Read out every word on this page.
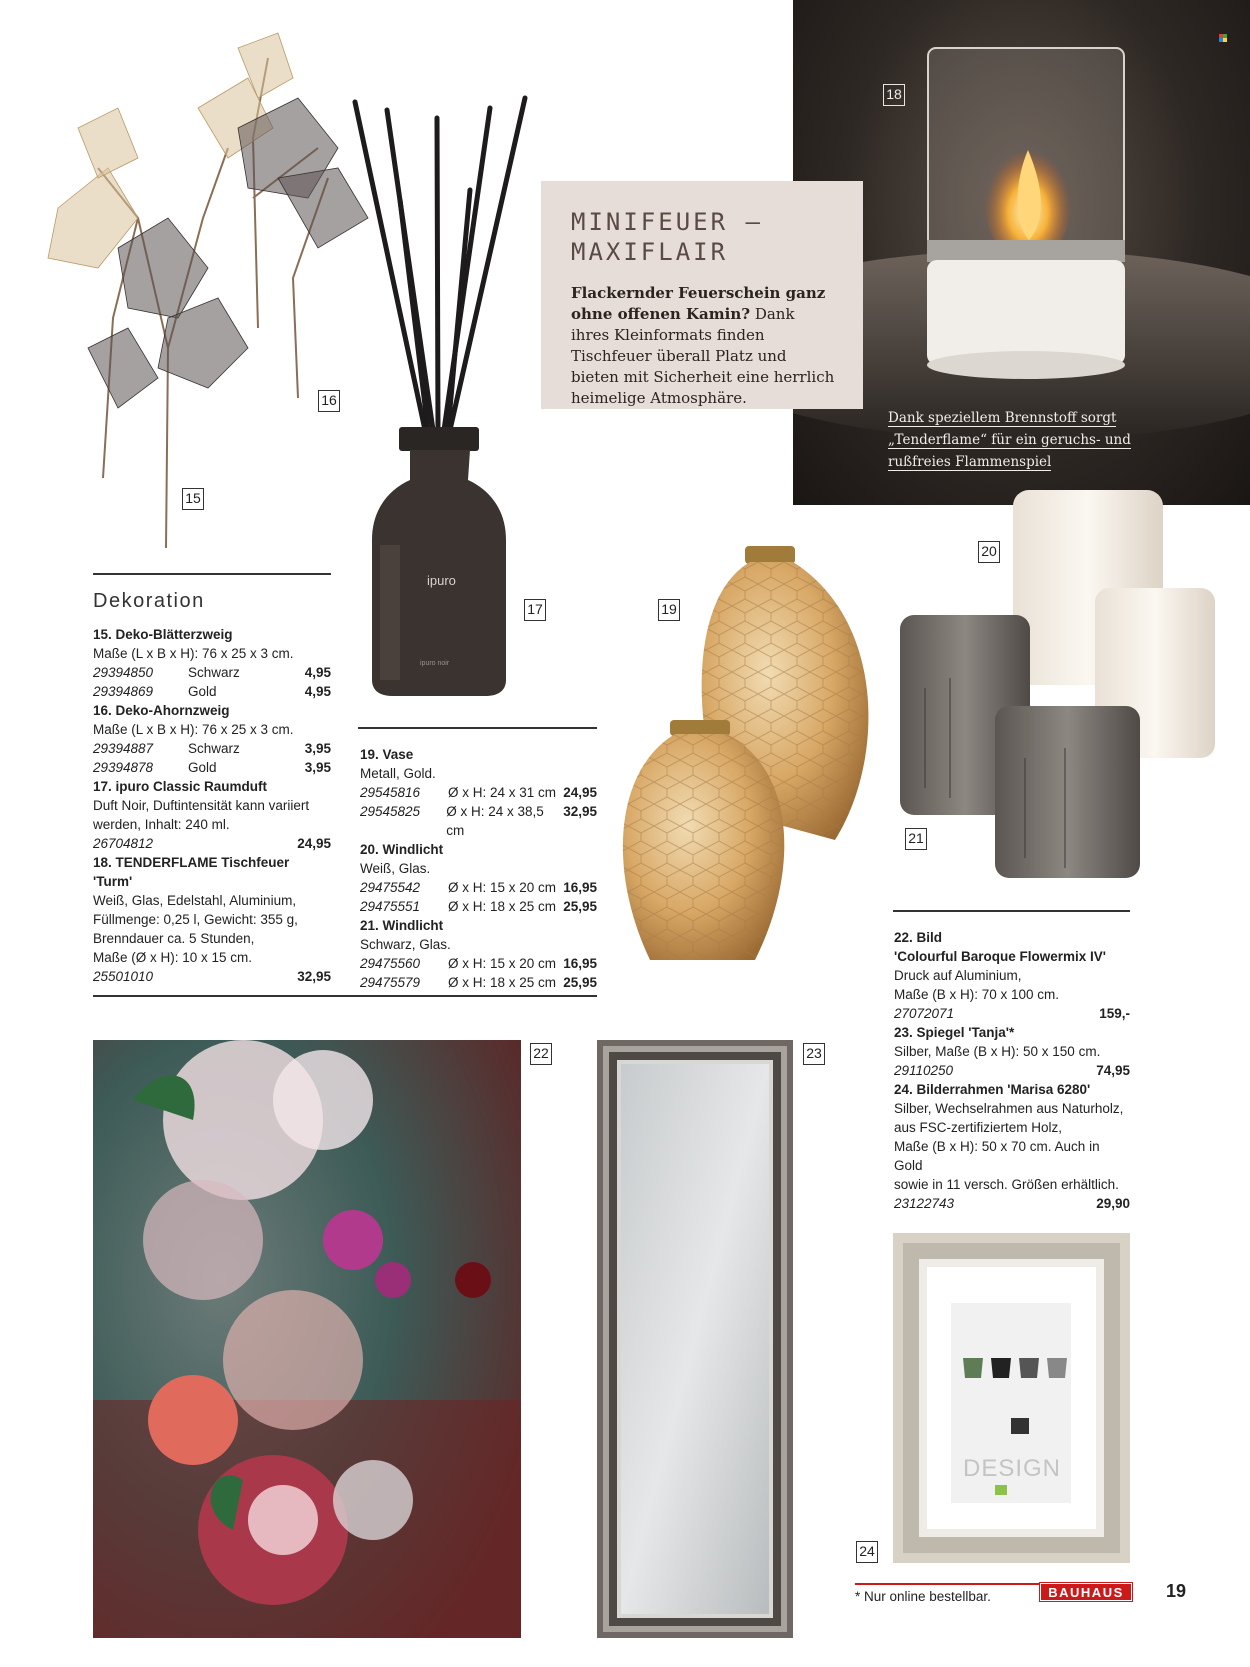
18
Dank speziellem Brennstoff sorgt
„Tenderflame“ für ein geruchs- und
rußfreies Flammenspiel
MINIFEUER –
MAXIFLAIR
Flackernder Feuerschein ganz ohne offenen Kamin? Dank ihres Kleinformats finden Tischfeuer überall Platz und bieten mit Sicherheit eine herrlich heimelige Atmosphäre.
16
15
ipuro
ipuro noir
17	19
20
21
Dekoration
15. Deko-Blätterzweig
Maße (L x B x H): 76 x 25 x 3 cm.
29394850	Schwarz	4,95
29394869	Gold	4,95
16. Deko-Ahornzweig
Maße (L x B x H): 76 x 25 x 3 cm.
29394887	Schwarz	3,95
29394878	Gold	3,95
17. ipuro Classic Raumduft
Duft Noir, Duftintensität kann variiert
werden, Inhalt: 240 ml.
26704812	24,95
18. TENDERFLAME Tischfeuer 'Turm'
Weiß, Glas, Edelstahl, Aluminium,
Füllmenge: 0,25 l, Gewicht: 355 g,
Brenndauer ca. 5 Stunden,
Maße (Ø x H): 10 x 15 cm.
25501010	32,95
19. Vase
Metall, Gold.
29545816	Ø x H: 24 x 31 cm 24,95
29545825	Ø x H: 24 x 38,5 cm
32,95
20. Windlicht
Weiß, Glas.
29475542	Ø x H: 15 x 20 cm 16,95
29475551	Ø x H: 18 x 25 cm 25,95
21. Windlicht
Schwarz, Glas.
29475560	Ø x H: 15 x 20 cm 16,95
29475579	Ø x H: 18 x 25 cm 25,95
22. Bild
'Colourful Baroque Flowermix IV'
Druck auf Aluminium,
Maße (B x H): 70 x 100 cm.
27072071	159,-
23. Spiegel 'Tanja'*
Silber, Maße (B x H): 50 x 150 cm.
29110250	74,95
24. Bilderrahmen 'Marisa 6280'
Silber, Wechselrahmen aus Naturholz,
aus FSC-zertifiziertem Holz,
Maße (B x H): 50 x 70 cm. Auch in Gold
sowie in 11 versch. Größen erhältlich.
23122743	29,90
22	23
DESIGN
24
* Nur online bestellbar.	BAUHAUS	19
